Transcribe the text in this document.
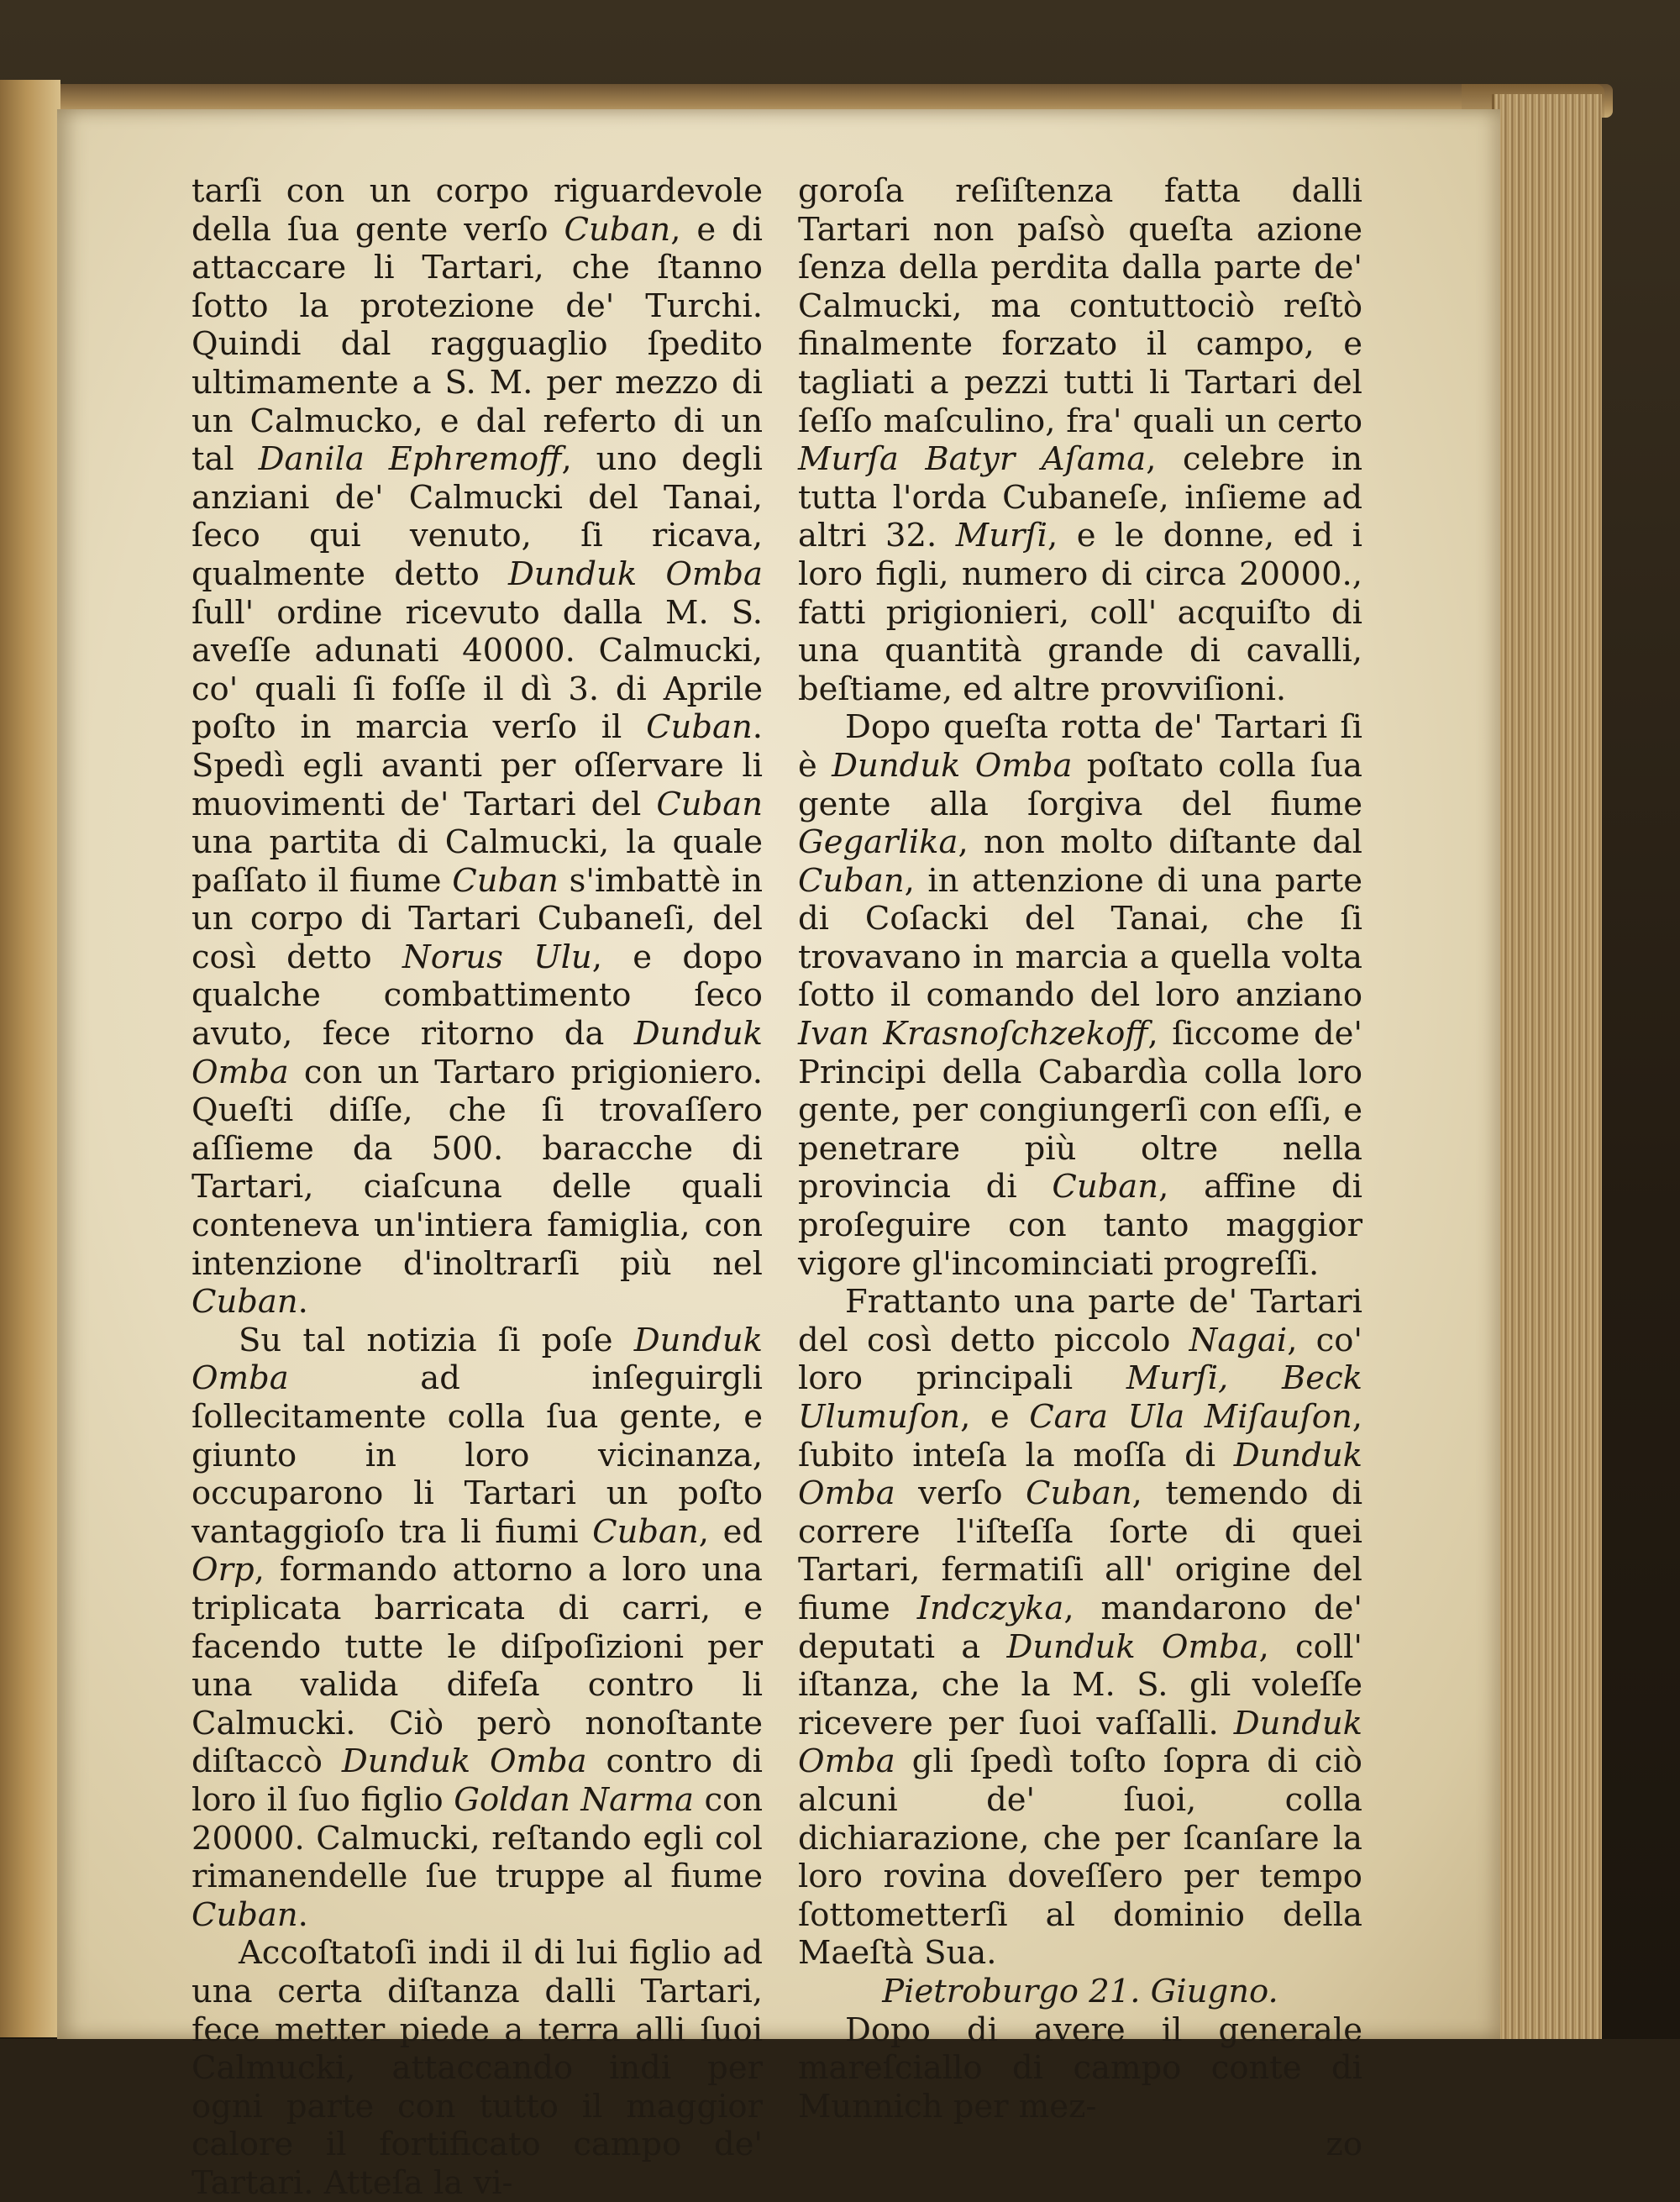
tarſi con un corpo riguardevole della ſua gente verſo Cuban, e di attaccare li Tartari, che ſtanno ſotto la protezione de' Turchi. Quindi dal ragguaglio ſpedito ultimamente a S. M. per mezzo di un Calmucko, e dal referto di un tal Danila Ephremoff, uno degli anziani de' Calmucki del Tanai, ſeco qui venuto, ſi ricava, qualmente detto Dunduk Omba ſull' ordine ricevuto dalla M. S. aveſſe adunati 40000. Calmucki, co' quali ſi foſſe il dì 3. di Aprile poſto in marcia verſo il Cuban. Spedì egli avanti per oſſervare li muovimenti de' Tartari del Cuban una partita di Calmucki, la quale paſſato il fiume Cuban s'imbattè in un corpo di Tartari Cubaneſi, del così detto Norus Ulu, e dopo qualche combattimento ſeco avuto, fece ritorno da Dunduk Omba con un Tartaro prigioniero. Queſti diſſe, che ſi trovaſſero aſſieme da 500. baracche di Tartari, ciaſcuna delle quali conteneva un'intiera famiglia, con intenzione d'inoltrarſi più nel Cuban.

Su tal notizia ſi poſe Dunduk Omba ad inſeguirgli ſollecitamente colla ſua gente, e giunto in loro vicinanza, occuparono li Tartari un poſto vantaggioſo tra li fiumi Cuban, ed Orp, formando attorno a loro una triplicata barricata di carri, e facendo tutte le diſpoſizioni per una valida difeſa contro li Calmucki. Ciò però nonoſtante diſtaccò Dunduk Omba contro di loro il ſuo figlio Goldan Narma con 20000. Calmucki, reſtando egli col rimanendelle ſue truppe al fiume Cuban.

Accoſtatoſi indi il di lui figlio ad una certa diſtanza dalli Tartari, fece metter piede a terra alli ſuoi Calmucki, attaccando indi per ogni parte con tutto il maggior calore il fortificato campo de' Tartari. Atteſa la vi-

goroſa reſiſtenza fatta dalli Tartari non paſsò queſta azione ſenza della perdita dalla parte de' Calmucki, ma contuttociò reſtò finalmente forzato il campo, e tagliati a pezzi tutti li Tartari del ſeſſo maſculino, fra' quali un certo Murſa Batyr Aſama, celebre in tutta l'orda Cubaneſe, inſieme ad altri 32. Murſi, e le donne, ed i loro figli, numero di circa 20000., fatti prigionieri, coll' acquiſto di una quantità grande di cavalli, beſtiame, ed altre provviſioni.

Dopo queſta rotta de' Tartari ſi è Dunduk Omba poſtato colla ſua gente alla ſorgiva del fiume Gegarlika, non molto diſtante dal Cuban, in attenzione di una parte di Coſacki del Tanai, che ſi trovavano in marcia a quella volta ſotto il comando del loro anziano Ivan Krasnoſchzekoff, ſiccome de' Principi della Cabardìa colla loro gente, per congiungerſi con eſſi, e penetrare più oltre nella provincia di Cuban, affine di proſeguire con tanto maggior vigore gl'incominciati progreſſi.

Frattanto una parte de' Tartari del così detto piccolo Nagai, co' loro principali Murſi, Beck Ulumuſon, e Cara Ula Miſauſon, ſubito inteſa la moſſa di Dunduk Omba verſo Cuban, temendo di correre l'iſteſſa ſorte di quei Tartari, fermatiſi all' origine del fiume Indczyka, mandarono de' deputati a Dunduk Omba, coll' iſtanza, che la M. S. gli voleſſe ricevere per ſuoi vaſſalli. Dunduk Omba gli ſpedì toſto ſopra di ciò alcuni de' ſuoi, colla dichiarazione, che per ſcanſare la loro rovina doveſſero per tempo ſottometterſi al dominio della Maeſtà Sua.

Pietroburgo 21. Giugno.

Dopo di avere il generale mareſciallo di campo conte di Munnich per mez-

zo
